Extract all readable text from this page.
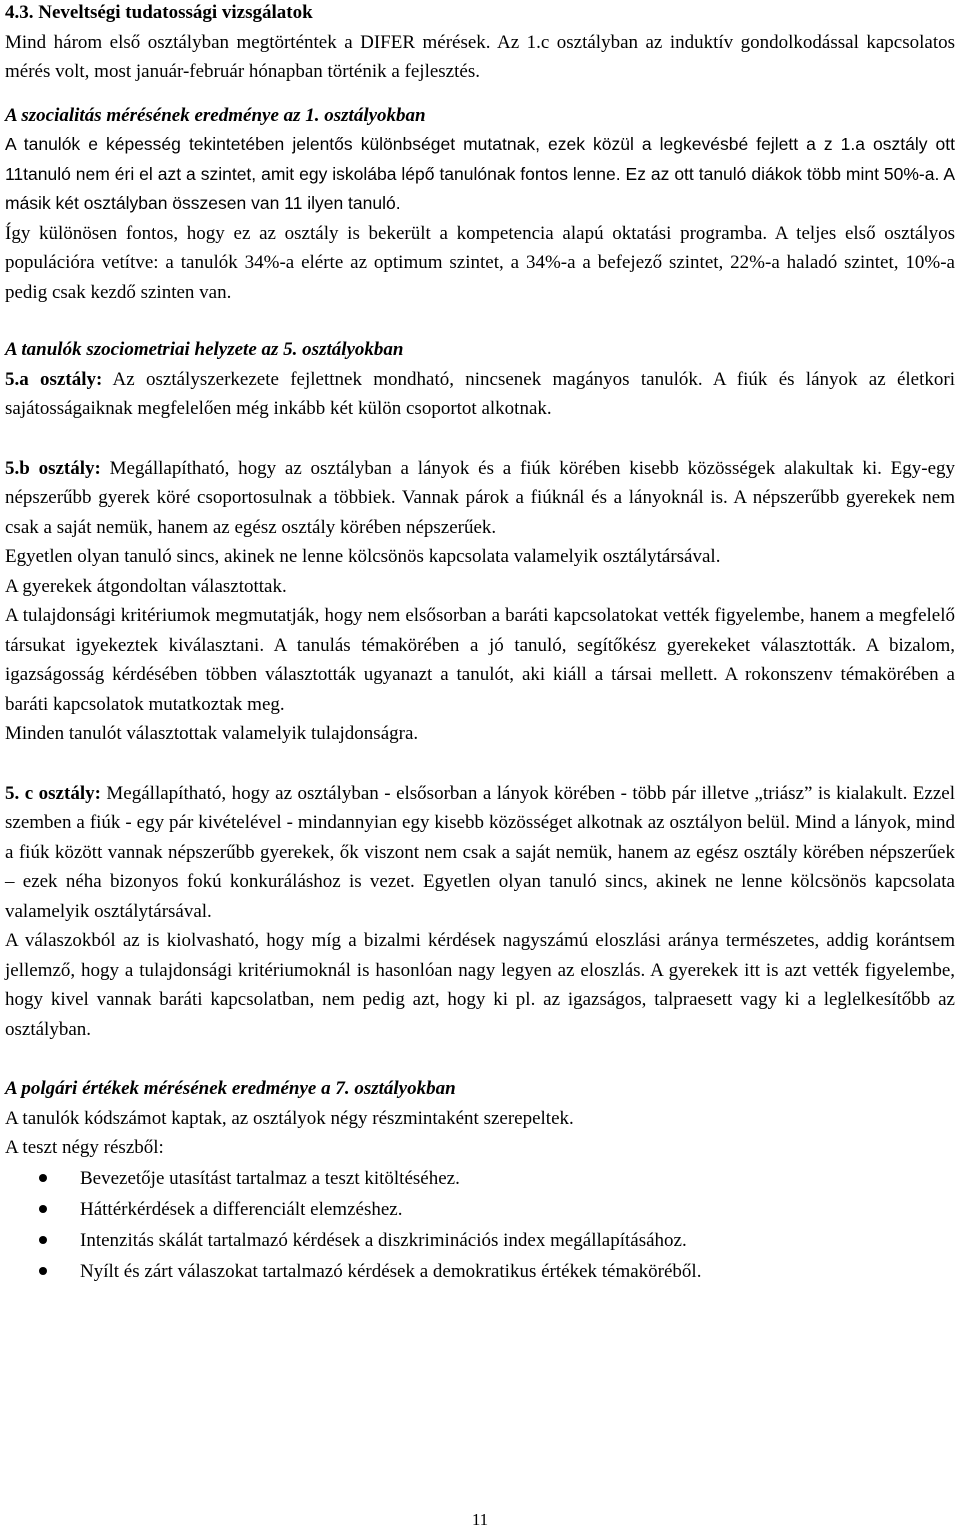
4.3. Neveltségi tudatossági vizsgálatok

Mind három első osztályban megtörténtek a DIFER mérések. Az 1.c osztályban az induktív gondolkodással kapcsolatos mérés volt, most január-február hónapban történik a fejlesztés.

A szocialitás mérésének eredménye az 1. osztályokban

A tanulók e képesség tekintetében jelentős különbséget mutatnak, ezek közül a legkevésbé fejlett a z 1.a osztály ott 11tanuló nem éri el azt a szintet, amit egy iskolába lépő tanulónak fontos lenne. Ez az ott tanuló diákok több mint 50%-a. A másik két osztályban összesen van 11 ilyen tanuló.

Így különösen fontos, hogy ez az osztály is bekerült a kompetencia alapú oktatási programba. A teljes első osztályos populációra vetítve: a tanulók 34%-a elérte az optimum szintet, a 34%-a a befejező szintet, 22%-a haladó szintet, 10%-a pedig csak kezdő szinten van.

A tanulók szociometriai helyzete az 5. osztályokban

5.a osztály: Az osztályszerkezete fejlettnek mondható, nincsenek magányos tanulók. A fiúk és lányok az életkori sajátosságaiknak megfelelően még inkább két külön csoportot alkotnak.

5.b osztály: Megállapítható, hogy az osztályban a lányok és a fiúk körében kisebb közösségek alakultak ki. Egy-egy népszerűbb gyerek köré csoportosulnak a többiek. Vannak párok a fiúknál és a lányoknál is. A népszerűbb gyerekek nem csak a saját nemük, hanem az egész osztály körében népszerűek.

Egyetlen olyan tanuló sincs, akinek ne lenne kölcsönös kapcsolata valamelyik osztálytársával.

A gyerekek átgondoltan választottak.

A tulajdonsági kritériumok megmutatják, hogy nem elsősorban a baráti kapcsolatokat vették figyelembe, hanem a megfelelő társukat igyekeztek kiválasztani. A tanulás témakörében a jó tanuló, segítőkész gyerekeket választották. A bizalom, igazságosság kérdésében többen választották ugyanazt a tanulót, aki kiáll a társai mellett. A rokonszenv témakörében a baráti kapcsolatok mutatkoztak meg.

Minden tanulót választottak valamelyik tulajdonságra.

5. c osztály: Megállapítható, hogy az osztályban - elsősorban a lányok körében - több pár illetve „triász” is kialakult. Ezzel szemben a fiúk - egy pár kivételével - mindannyian egy kisebb közösséget alkotnak az osztályon belül. Mind a lányok, mind a fiúk között vannak népszerűbb gyerekek, ők viszont nem csak a saját nemük, hanem az egész osztály körében népszerűek – ezek néha bizonyos fokú konkuráláshoz is vezet. Egyetlen olyan tanuló sincs, akinek ne lenne kölcsönös kapcsolata valamelyik osztálytársával.

A válaszokból az is kiolvasható, hogy míg a bizalmi kérdések nagyszámú eloszlási aránya természetes, addig korántsem jellemző, hogy a tulajdonsági kritériumoknál is hasonlóan nagy legyen az eloszlás. A gyerekek itt is azt vették figyelembe, hogy kivel vannak baráti kapcsolatban, nem pedig azt, hogy ki pl. az igazságos, talpraesett vagy ki a leglelkesítőbb az osztályban.

A polgári értékek mérésének eredménye a 7. osztályokban

A tanulók kódszámot kaptak, az osztályok négy részmintaként szerepeltek.

A teszt négy részből:

Bevezetője utasítást tartalmaz a teszt kitöltéséhez.
Háttérkérdések a differenciált elemzéshez.
Intenzitás skálát tartalmazó kérdések a diszkriminációs index megállapításához.
Nyílt és zárt válaszokat tartalmazó kérdések a demokratikus értékek témaköréből.
11
